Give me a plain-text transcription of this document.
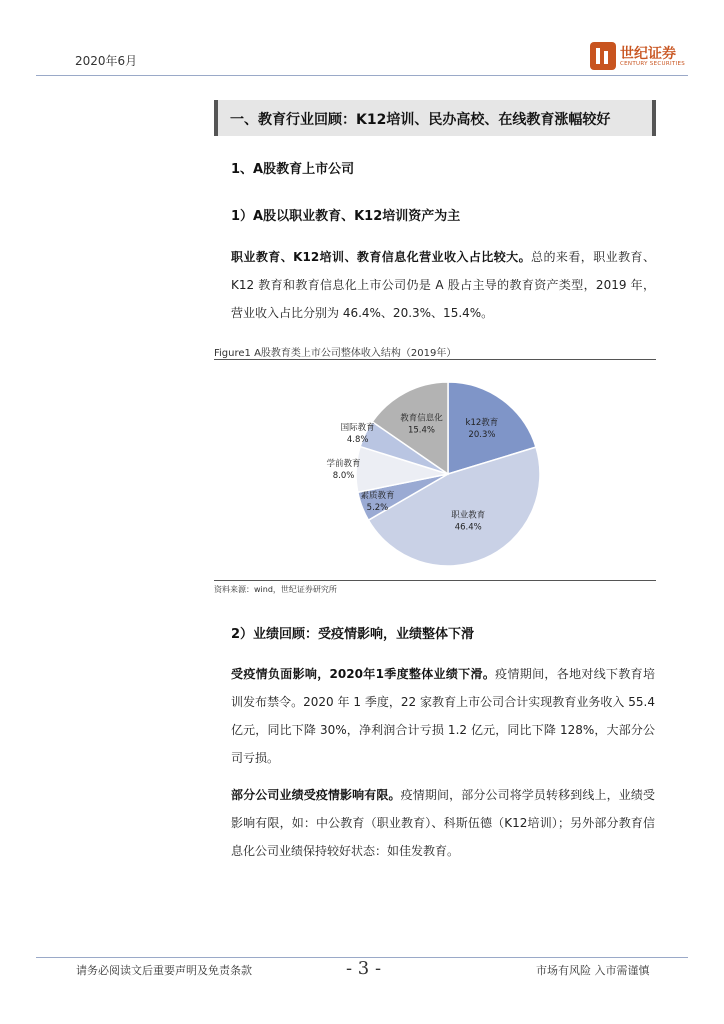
2020年6月	世纪证券
CENTURY SECURITIES
一、教育行业回顾：K12培训、民办高校、在线教育涨幅较好
1、A股教育上市公司
1）A股以职业教育、K12培训资产为主
职业教育、K12培训、教育信息化营业收入占比较大。总的来看，职业教育、K12 教育和教育信息化上市公司仍是 A 股占主导的教育资产类型，2019 年，营业收入占比分别为 46.4%、20.3%、15.4%。
Figure1 A股教育类上市公司整体收入结构（2019年）
k12教育
20.3%
职业教育
46.4%
素质教育
5.2%
学前教育
8.0%
国际教育
4.8%
教育信息化
15.4%
资料来源：wind，世纪证券研究所
2）业绩回顾：受疫情影响，业绩整体下滑
受疫情负面影响，2020年1季度整体业绩下滑。疫情期间，各地对线下教育培训发布禁令。2020 年 1 季度，22 家教育上市公司合计实现教育业务收入 55.4 亿元，同比下降 30%，净利润合计亏损 1.2 亿元，同比下降 128%，大部分公司亏损。
部分公司业绩受疫情影响有限。疫情期间，部分公司将学员转移到线上，业绩受影响有限，如：中公教育（职业教育）、科斯伍德（K12培训）；另外部分教育信息化公司业绩保持较好状态：如佳发教育。
请务必阅读文后重要声明及免责条款	- 3 -	市场有风险 入市需谨慎
